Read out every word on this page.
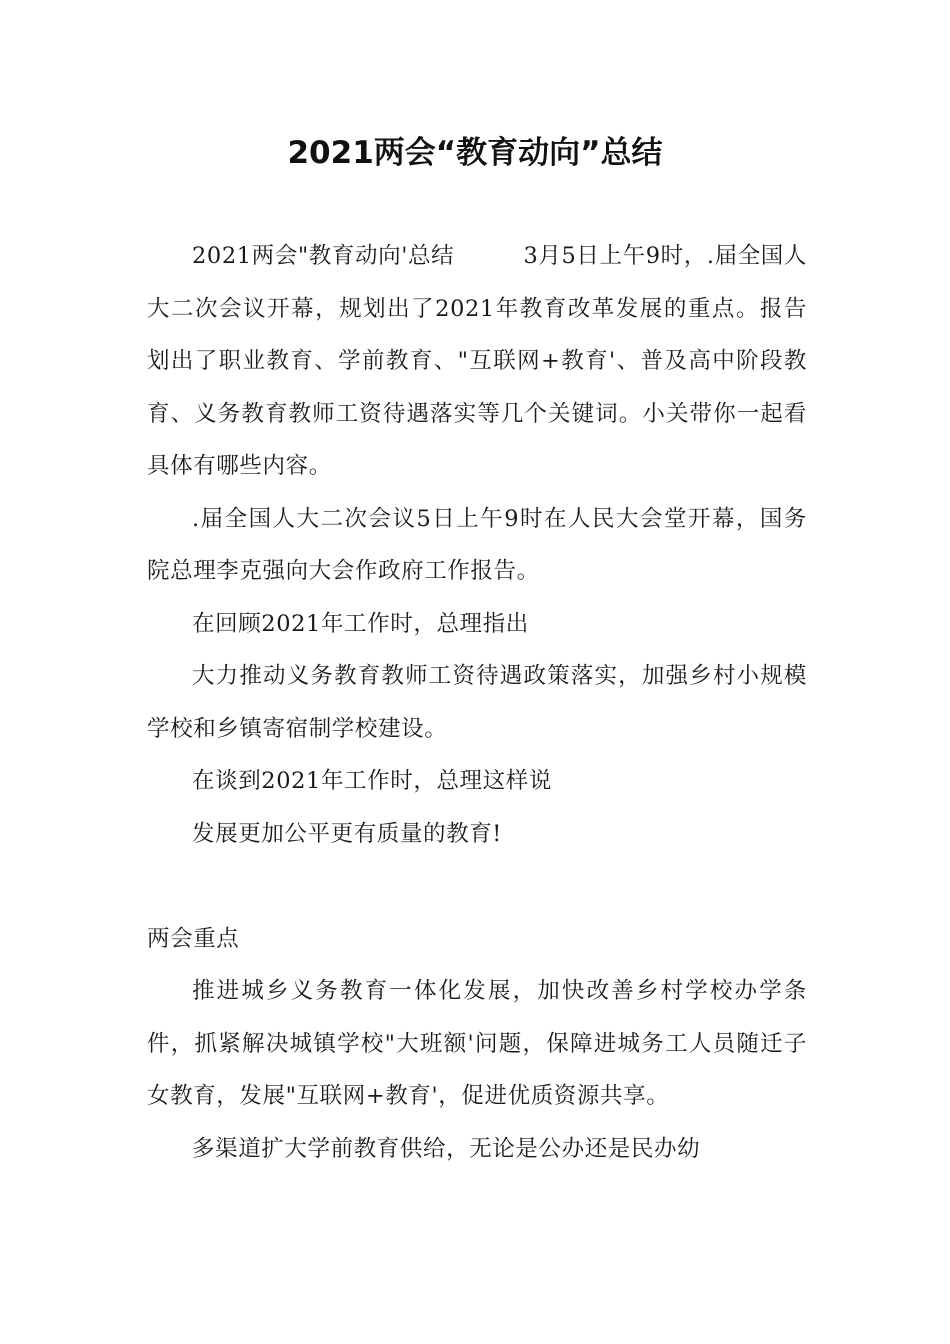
2021两会“教育动向”总结

2021两会"教育动向'总结　　　3月5日上午9时，.届全国人大二次会议开幕，规划出了2021年教育改革发展的重点。报告划出了职业教育、学前教育、"互联网+教育'、普及高中阶段教育、义务教育教师工资待遇落实等几个关键词。小关带你一起看具体有哪些内容。

.届全国人大二次会议5日上午9时在人民大会堂开幕，国务院总理李克强向大会作政府工作报告。

在回顾2021年工作时，总理指出

大力推动义务教育教师工资待遇政策落实，加强乡村小规模学校和乡镇寄宿制学校建设。

在谈到2021年工作时，总理这样说

发展更加公平更有质量的教育!

两会重点

推进城乡义务教育一体化发展，加快改善乡村学校办学条件，抓紧解决城镇学校"大班额'问题，保障进城务工人员随迁子女教育，发展"互联网+教育'，促进优质资源共享。

多渠道扩大学前教育供给，无论是公办还是民办幼
